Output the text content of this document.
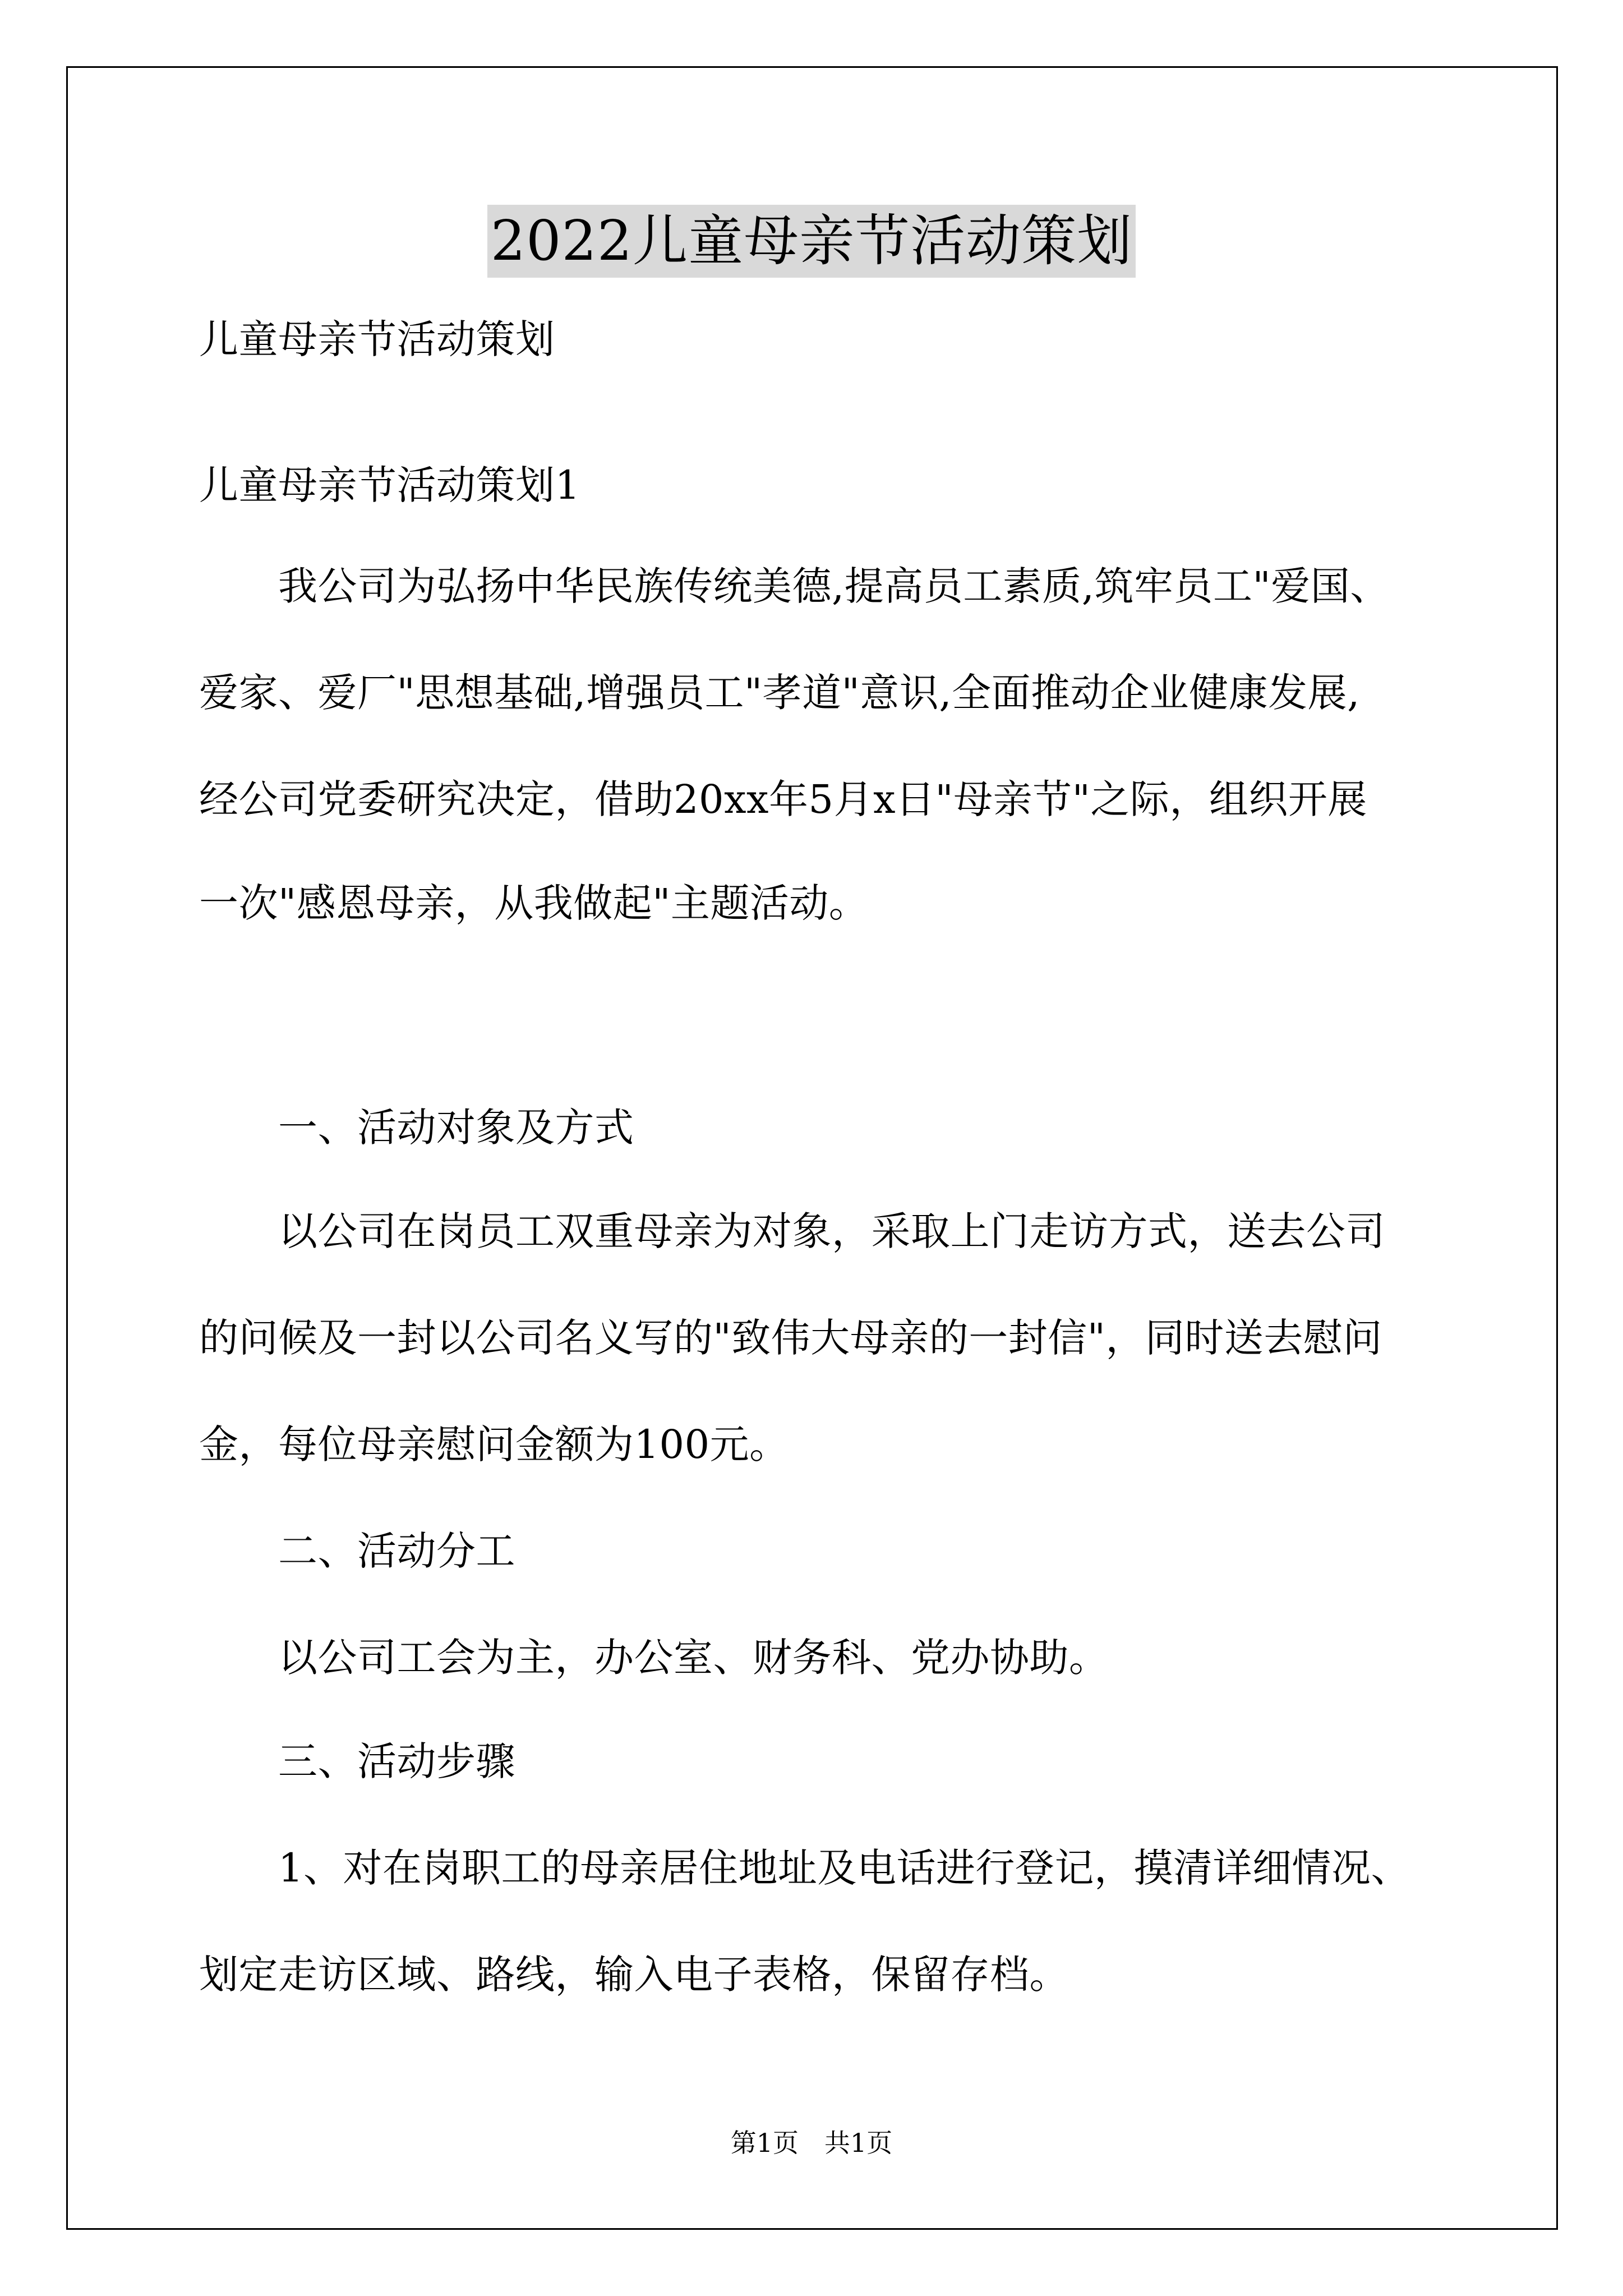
2022儿童母亲节活动策划
儿童母亲节活动策划
儿童母亲节活动策划1
　　我公司为弘扬中华民族传统美德,提高员工素质,筑牢员工"爱国、
爱家、爱厂"思想基础,增强员工"孝道"意识,全面推动企业健康发展,
经公司党委研究决定，借助20xx年5月x日"母亲节"之际，组织开展
一次"感恩母亲，从我做起"主题活动。
　　一、活动对象及方式
　　以公司在岗员工双重母亲为对象，采取上门走访方式，送去公司
的问候及一封以公司名义写的"致伟大母亲的一封信"，同时送去慰问
金，每位母亲慰问金额为100元。
　　二、活动分工
　　以公司工会为主，办公室、财务科、党办协助。
　　三、活动步骤
　　1、对在岗职工的母亲居住地址及电话进行登记，摸清详细情况、
划定走访区域、路线，输入电子表格，保留存档。
第1页　共1页
